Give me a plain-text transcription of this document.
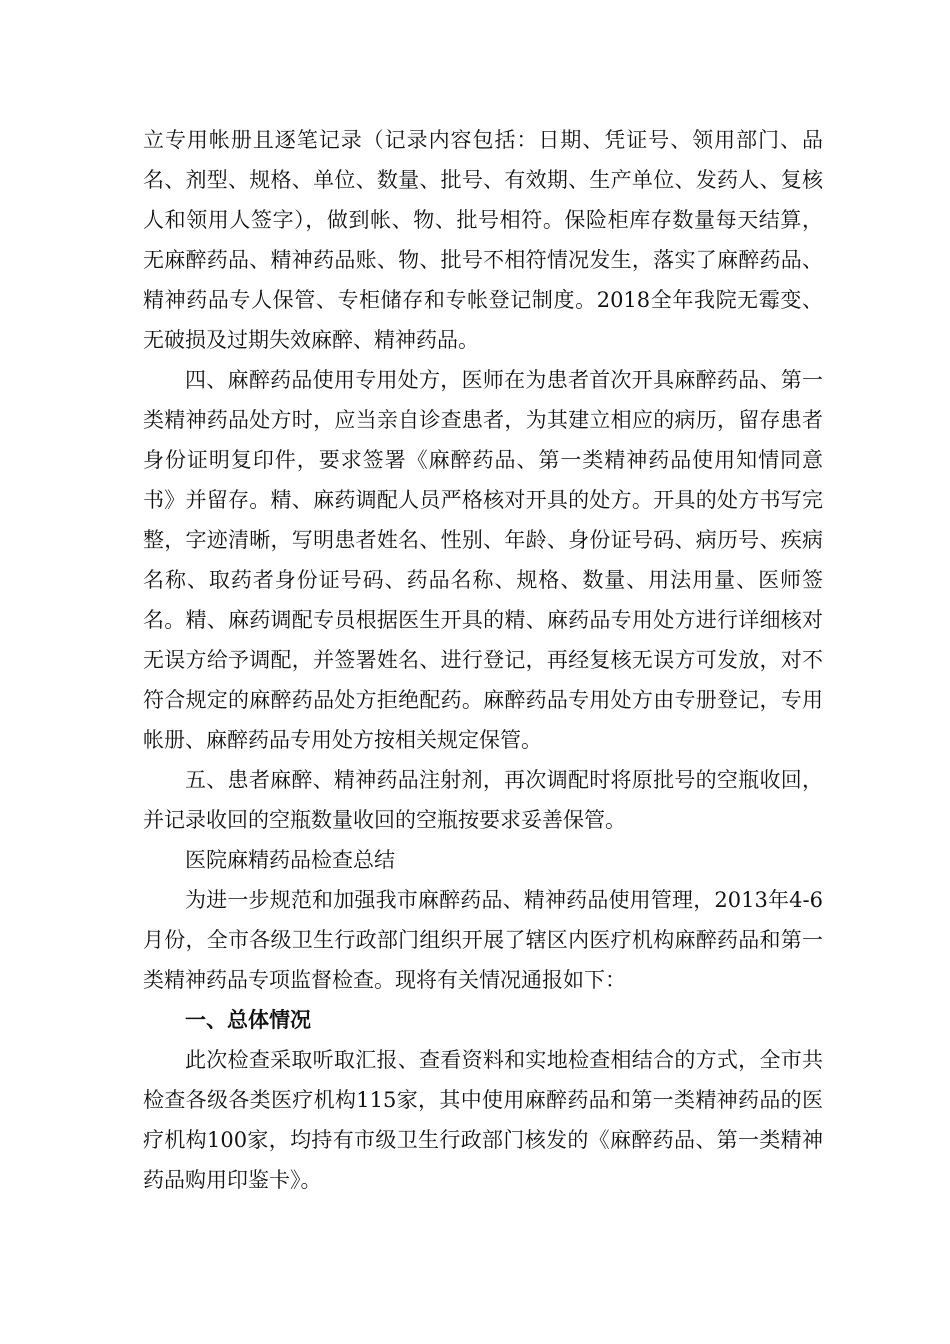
立专用帐册且逐笔记录（记录内容包括：日期、凭证号、领用部门、品名、剂型、规格、单位、数量、批号、有效期、生产单位、发药人、复核人和领用人签字），做到帐、物、批号相符。保险柜库存数量每天结算，无麻醉药品、精神药品账、物、批号不相符情况发生，落实了麻醉药品、精神药品专人保管、专柜储存和专帐登记制度。2018全年我院无霉变、无破损及过期失效麻醉、精神药品。

四、麻醉药品使用专用处方，医师在为患者首次开具麻醉药品、第一类精神药品处方时，应当亲自诊查患者，为其建立相应的病历，留存患者身份证明复印件，要求签署《麻醉药品、第一类精神药品使用知情同意书》并留存。精、麻药调配人员严格核对开具的处方。开具的处方书写完整，字迹清晰，写明患者姓名、性别、年龄、身份证号码、病历号、疾病名称、取药者身份证号码、药品名称、规格、数量、用法用量、医师签名。精、麻药调配专员根据医生开具的精、麻药品专用处方进行详细核对无误方给予调配，并签署姓名、进行登记，再经复核无误方可发放，对不符合规定的麻醉药品处方拒绝配药。麻醉药品专用处方由专册登记，专用帐册、麻醉药品专用处方按相关规定保管。

五、患者麻醉、精神药品注射剂，再次调配时将原批号的空瓶收回，并记录收回的空瓶数量收回的空瓶按要求妥善保管。

医院麻精药品检查总结

为进一步规范和加强我市麻醉药品、精神药品使用管理，2013年4-6月份，全市各级卫生行政部门组织开展了辖区内医疗机构麻醉药品和第一类精神药品专项监督检查。现将有关情况通报如下：

一、总体情况

此次检查采取听取汇报、查看资料和实地检查相结合的方式，全市共检查各级各类医疗机构115家，其中使用麻醉药品和第一类精神药品的医疗机构100家，均持有市级卫生行政部门核发的《麻醉药品、第一类精神药品购用印鉴卡》。
